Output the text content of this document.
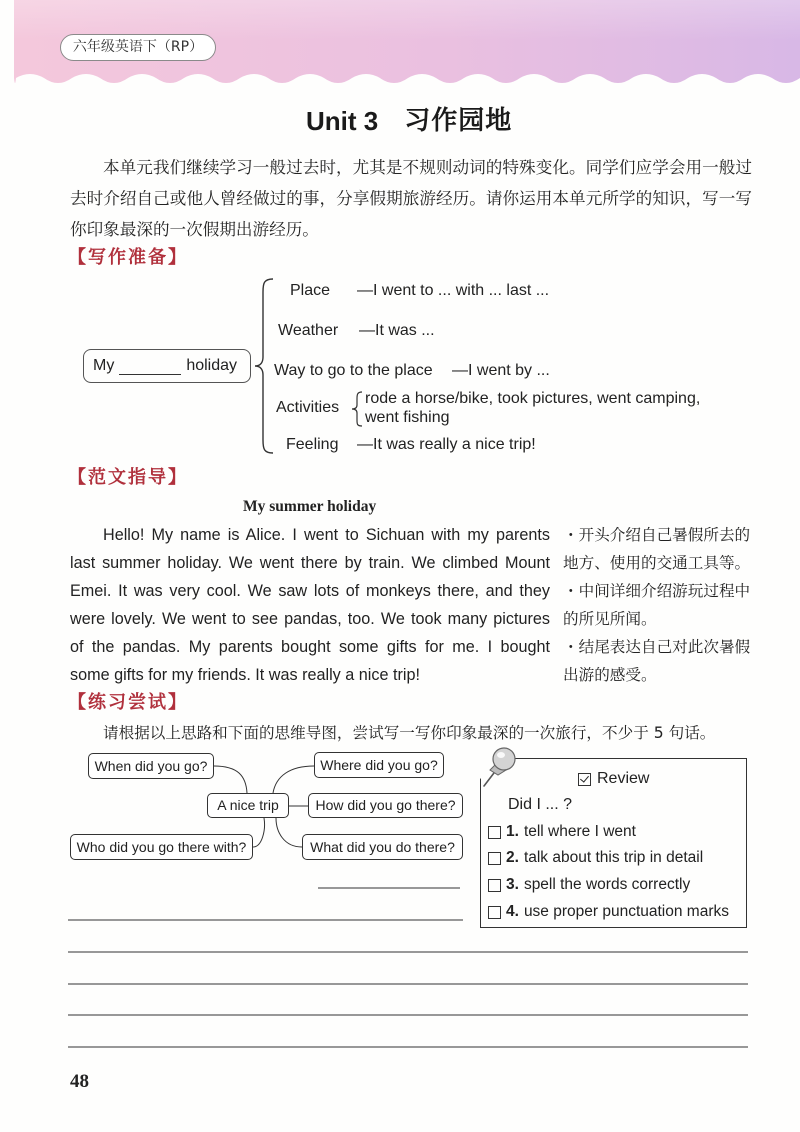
六年级英语下（RP）
Unit 3 习作园地

本单元我们继续学习一般过去时，尤其是不规则动词的特殊变化。同学们应学会用一般过去时介绍自己或他人曾经做过的事，分享假期旅游经历。请你运用本单元所学的知识，写一写你印象最深的一次假期出游经历。

【写作准备】
My	holiday
Place —I went to ... with ... last ...
Weather —It was ...
Way to go to the place —I went by ...
Activities
rode a horse/bike, took pictures, went camping,
went fishing
Feeling —It was really a nice trip!
【范文指导】
My summer holiday
Hello! My name is Alice. I went to Sichuan with my parents
last summer holiday. We went there by train. We climbed Mount
Emei. It was very cool. We saw lots of monkeys there, and they
were lovely. We went to see pandas, too. We took many pictures
of the pandas. My parents bought some gifts for me. I bought
some gifts for my friends. It was really a nice trip!

・开头介绍自己暑假所去的地方、使用的交通工具等。

・中间详细介绍游玩过程中的所见所闻。

・结尾表达自己对此次暑假出游的感受。

【练习尝试】

请根据以上思路和下面的思维导图，尝试写一写你印象最深的一次旅行，不少于 5 句话。

When did you go?	Where did you go?
A nice trip	How did you go there?
Who did you go there with?	What did you do there?
Review
Did I ... ?
1. tell where I went
2. talk about this trip in detail
3. spell the words correctly
4. use proper punctuation marks
48
